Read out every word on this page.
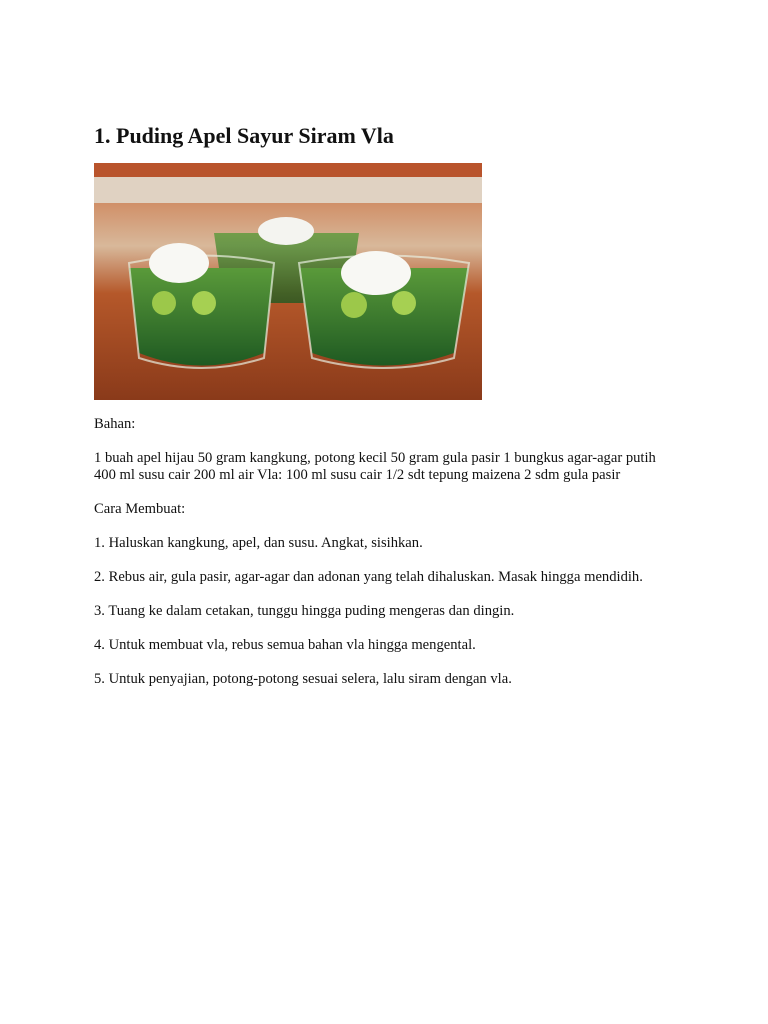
1. Puding Apel Sayur Siram Vla

Bahan:

1 buah apel hijau 50 gram kangkung, potong kecil 50 gram gula pasir 1 bungkus agar-agar putih 400 ml susu cair 200 ml air Vla: 100 ml susu cair 1/2 sdt tepung maizena 2 sdm gula pasir

Cara Membuat:

1. Haluskan kangkung, apel, dan susu. Angkat, sisihkan.

2. Rebus air, gula pasir, agar-agar dan adonan yang telah dihaluskan. Masak hingga mendidih.

3. Tuang ke dalam cetakan, tunggu hingga puding mengeras dan dingin.

4. Untuk membuat vla, rebus semua bahan vla hingga mengental.

5. Untuk penyajian, potong-potong sesuai selera, lalu siram dengan vla.
